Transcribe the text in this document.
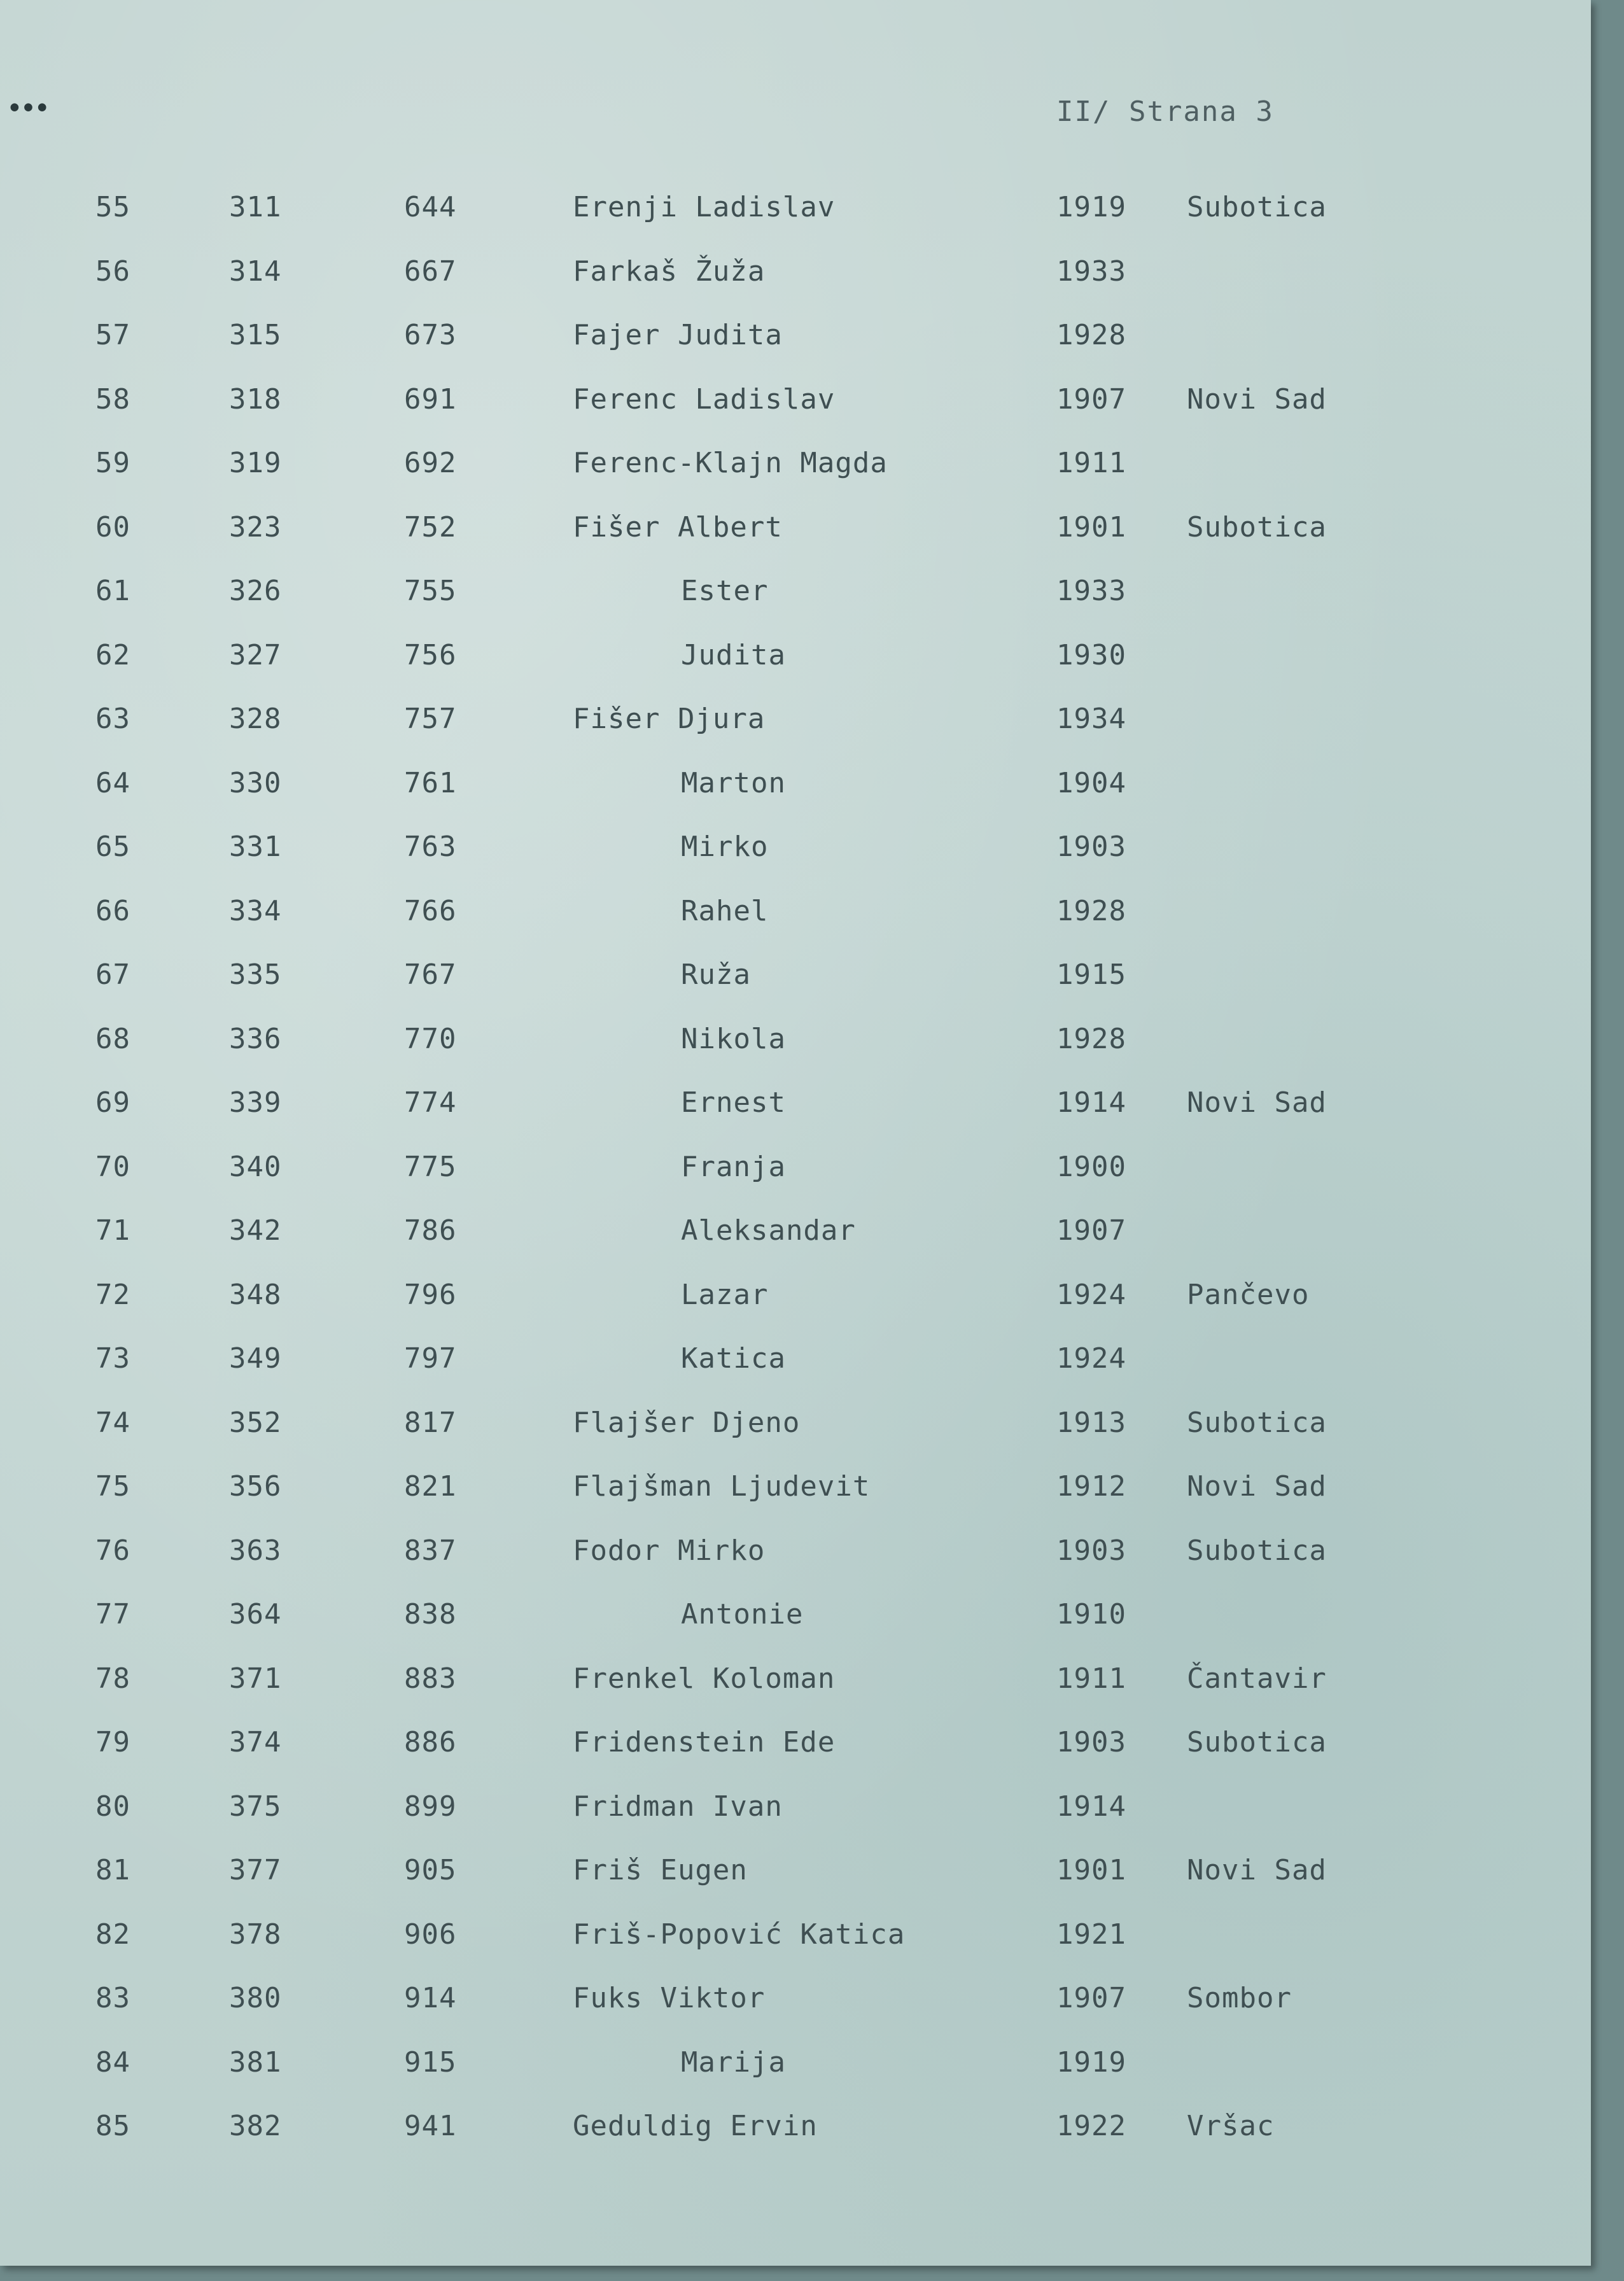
•••	II/ Strana 3
55	311	644	Erenji Ladislav	1919 Subotica
56	314	667	Farkaš Žuža	1933
57	315	673	Fajer Judita	1928
58	318	691	Ferenc Ladislav	1907 Novi Sad
59	319	692	Ferenc-Klajn Magda	1911
60	323	752	Fišer Albert	1901 Subotica
61	326	755	Ester	1933
62	327	756	Judita	1930
63	328	757	Fišer Djura	1934
64	330	761	Marton	1904
65	331	763	Mirko	1903
66	334	766	Rahel	1928
67	335	767	Ruža	1915
68	336	770	Nikola	1928
69	339	774	Ernest	1914 Novi Sad
70	340	775	Franja	1900
71	342	786	Aleksandar	1907
72	348	796	Lazar	1924 Pančevo
73	349	797	Katica	1924
74	352	817	Flajšer Djeno	1913 Subotica
75	356	821	Flajšman Ljudevit	1912 Novi Sad
76	363	837	Fodor Mirko	1903 Subotica
77	364	838	Antonie	1910
78	371	883	Frenkel Koloman	1911 Čantavir
79	374	886	Fridenstein Ede	1903 Subotica
80	375	899	Fridman Ivan	1914
81	377	905	Friš Eugen	1901 Novi Sad
82	378	906	Friš-Popović Katica	1921
83	380	914	Fuks Viktor	1907 Sombor
84	381	915	Marija	1919
85	382	941	Geduldig Ervin	1922 Vršac
